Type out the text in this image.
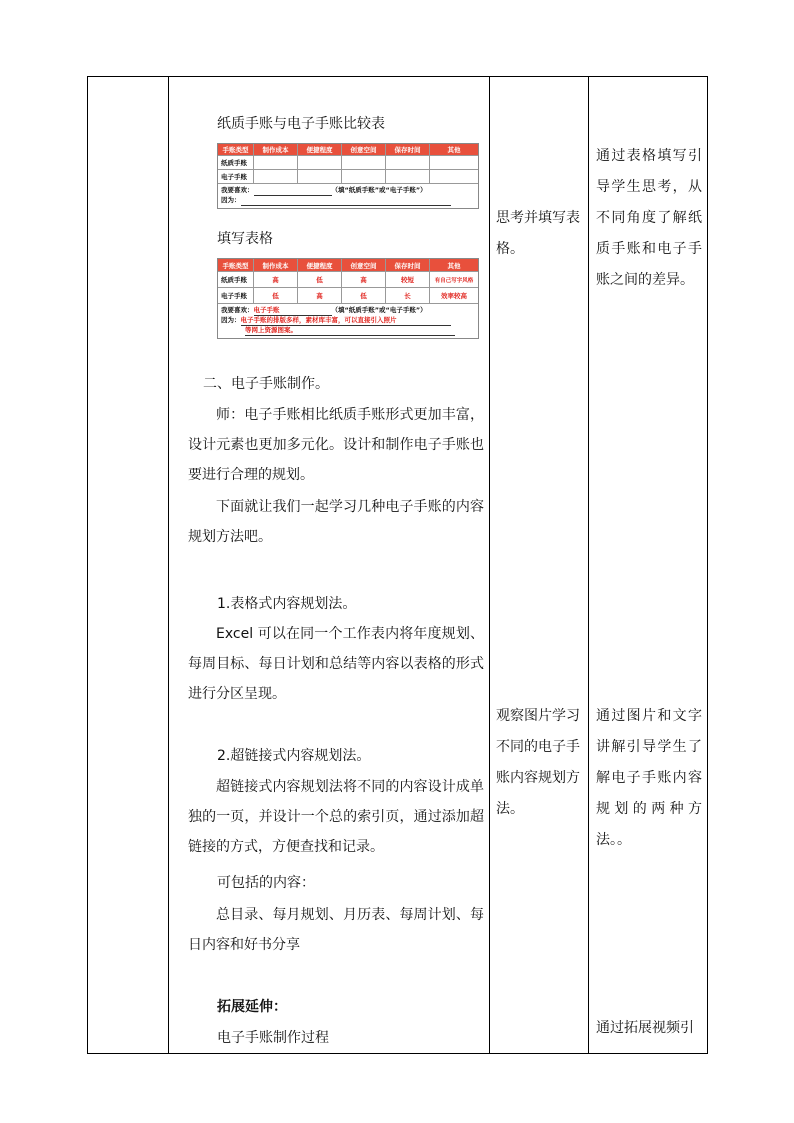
纸质手账与电子手账比较表
手账类型	制作成本	便捷程度	创意空间	保存时间	其他
纸质手账
电子手账
我要喜欢：	（填“纸质手账”或“电子手账”）
因为：
填写表格
手账类型	制作成本	便捷程度	创意空间	保存时间	其他
纸质手账	高	低	高	较短	有自己写字风格
电子手账	低	高	低	长	效率较高
我要喜欢：电子手账	（填“纸质手账”或“电子手账”）
因为：电子手账的排版多样，素材库丰富，可以直接引入照片
等网上资源图案。
二、电子手账制作。
师：电子手账相比纸质手账形式更加丰富，设计元素也更加多元化。设计和制作电子手账也要进行合理的规划。
下面就让我们一起学习几种电子手账的内容规划方法吧。
1.表格式内容规划法。
Excel 可以在同一个工作表内将年度规划、每周目标、每日计划和总结等内容以表格的形式进行分区呈现。
2.超链接式内容规划法。
超链接式内容规划法将不同的内容设计成单独的一页，并设计一个总的索引页，通过添加超链接的方式，方便查找和记录。
可包括的内容：
总目录、每月规划、月历表、每周计划、每日内容和好书分享
拓展延伸：
电子手账制作过程
思考并填写表格。
观察图片学习不同的电子手账内容规划方法。
通过表格填写引导学生思考，从不同角度了解纸质手账和电子手账之间的差异。
通过图片和文字讲解引导学生了解电子手账内容规划的两种方法。。
通过拓展视频引
